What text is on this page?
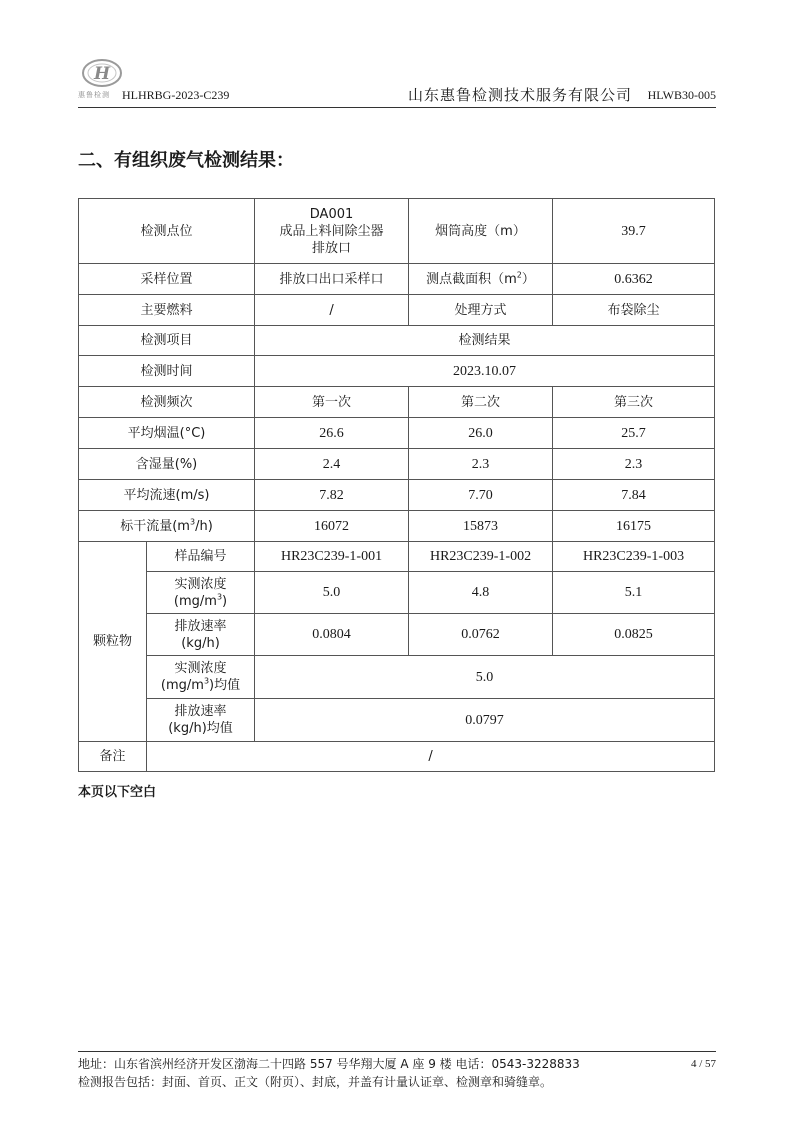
H
惠鲁检测	HLHRBG-2023-C239	山东惠鲁检测技术服务有限公司 HLWB30-005
二、有组织废气检测结果：
检测点位		DA001
成品上料间除尘器
排放口	烟筒高度（m）	39.7
采样位置		排放口出口采样口	测点截面积$(m^2)$	0.6362
主要燃料		/	处理方式	布袋除尘
检测项目		检测结果		
检测时间		2023.10.07		
检测频次		第一次	第二次	第三次
平均烟温(°C)		26.6	26.0	25.7
含湿量(%)		2.4	2.3	2.3
平均流速(m/s)		7.82	7.70	7.84
标干流量$(m^3/h)$		16072	15873	16175
颗粒物	样品编号	HR23C239-1-001	HR23C239-1-002	HR23C239-1-003

	实测浓度
$(mg/m^3)$	5.0	4.8	5.1

	排放速率
(kg/h)	0.0804	0.0762	0.0825

	实测浓度
$(mg/m^3)$均值	5.0		

	排放速率
(kg/h)均值	0.0797		
备注	/			
本页以下空白
地址：山东省滨州经济开发区渤海二十四路 557 号华翔大厦 A 座 9 楼 电话：0543-3228833	4 / 57
检测报告包括：封面、首页、正文（附页）、封底，并盖有计量认证章、检测章和骑缝章。
